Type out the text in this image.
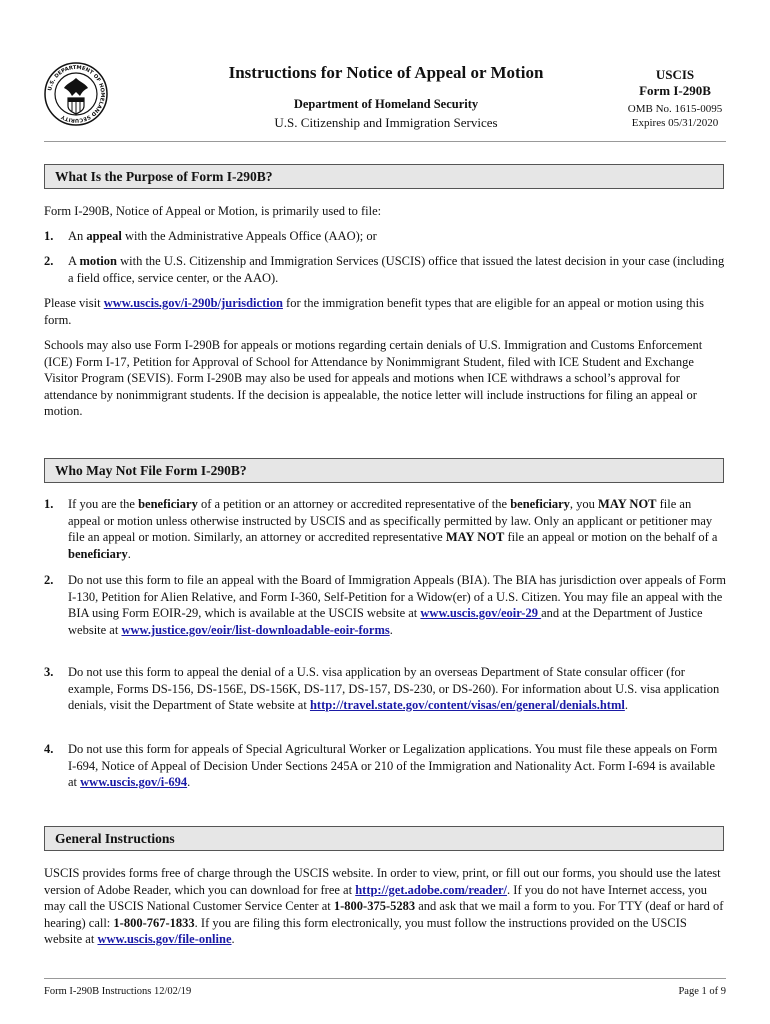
U.S. DEPARTMENT OF HOMELAND SECURITY
Instructions for Notice of Appeal or Motion
Department of Homeland Security
U.S. Citizenship and Immigration Services
USCIS
Form I-290B
OMB No. 1615-0095
Expires 05/31/2020
What Is the Purpose of Form I-290B?
Form I-290B, Notice of Appeal or Motion, is primarily used to file:
1. An appeal with the Administrative Appeals Office (AAO); or
2. A motion with the U.S. Citizenship and Immigration Services (USCIS) office that issued the latest decision in your case (including a field office, service center, or the AAO).
Please visit www.uscis.gov/i-290b/jurisdiction for the immigration benefit types that are eligible for an appeal or motion using this form.
Schools may also use Form I-290B for appeals or motions regarding certain denials of U.S. Immigration and Customs Enforcement (ICE) Form I-17, Petition for Approval of School for Attendance by Nonimmigrant Student, filed with ICE Student and Exchange Visitor Program (SEVIS). Form I-290B may also be used for appeals and motions when ICE withdraws a school’s approval for attendance by nonimmigrant students. If the decision is appealable, the notice letter will include instructions for filing an appeal or motion.
Who May Not File Form I-290B?
1. If you are the beneficiary of a petition or an attorney or accredited representative of the beneficiary, you MAY NOT file an appeal or motion unless otherwise instructed by USCIS and as specifically permitted by law. Only an applicant or petitioner may file an appeal or motion. Similarly, an attorney or accredited representative MAY NOT file an appeal or motion on the behalf of a beneficiary.
2. Do not use this form to file an appeal with the Board of Immigration Appeals (BIA). The BIA has jurisdiction over appeals of Form I-130, Petition for Alien Relative, and Form I-360, Self-Petition for a Widow(er) of a U.S. Citizen. You may file an appeal with the BIA using Form EOIR-29, which is available at the USCIS website at www.uscis.gov/eoir-29 and at the Department of Justice website at www.justice.gov/eoir/list-downloadable-eoir-forms.
3. Do not use this form to appeal the denial of a U.S. visa application by an overseas Department of State consular officer (for example, Forms DS-156, DS-156E, DS-156K, DS-117, DS-157, DS-230, or DS-260). For information about U.S. visa application denials, visit the Department of State website at http://travel.state.gov/content/visas/en/general/denials.html.
4. Do not use this form for appeals of Special Agricultural Worker or Legalization applications. You must file these appeals on Form I-694, Notice of Appeal of Decision Under Sections 245A or 210 of the Immigration and Nationality Act. Form I-694 is available at www.uscis.gov/i-694.
General Instructions
USCIS provides forms free of charge through the USCIS website. In order to view, print, or fill out our forms, you should use the latest version of Adobe Reader, which you can download for free at http://get.adobe.com/reader/. If you do not have Internet access, you may call the USCIS National Customer Service Center at 1-800-375-5283 and ask that we mail a form to you. For TTY (deaf or hard of hearing) call: 1-800-767-1833. If you are filing this form electronically, you must follow the instructions provided on the USCIS website at www.uscis.gov/file-online.
Form I-290B Instructions 12/02/19	Page 1 of 9
